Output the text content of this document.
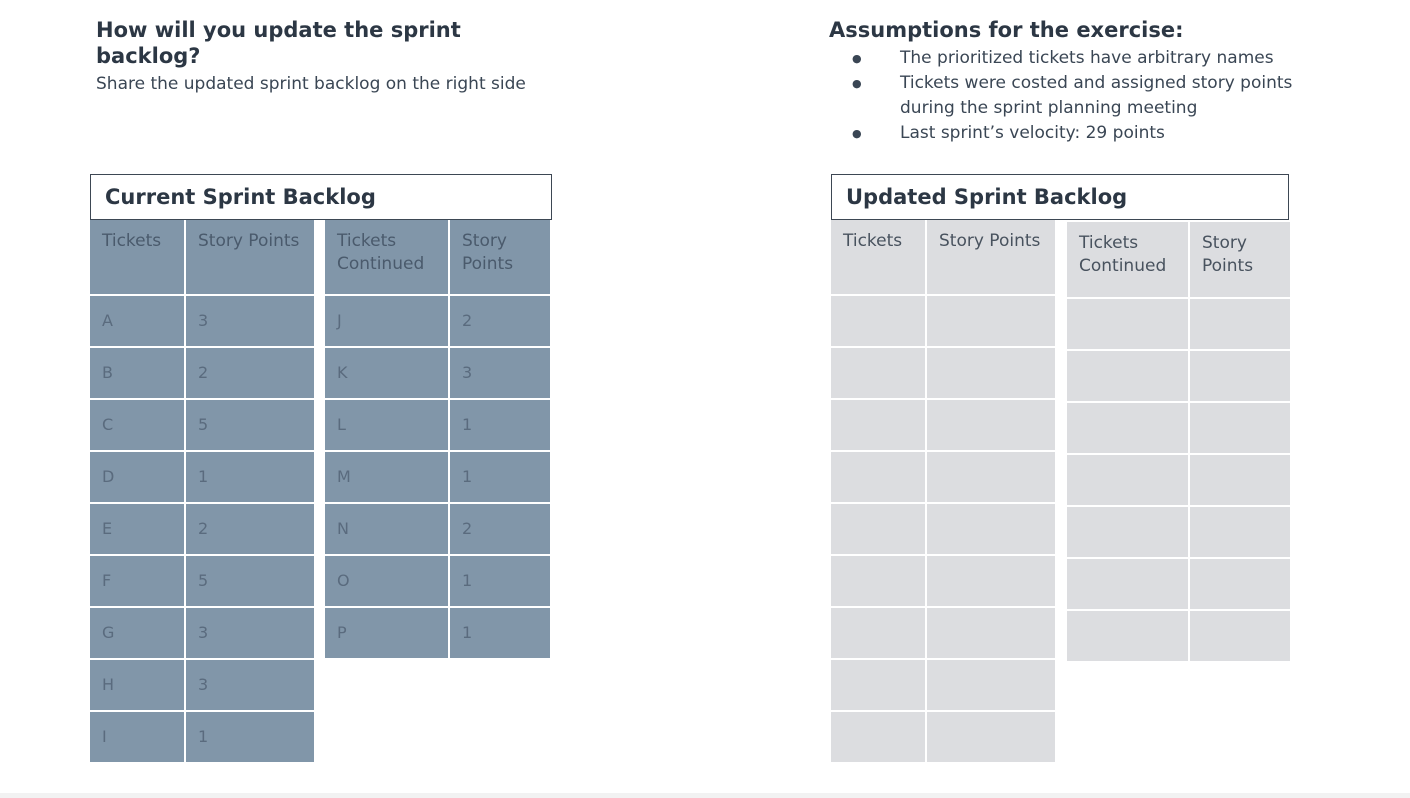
How will you update the sprint backlog?
Share the updated sprint backlog on the right side
Assumptions for the exercise:
● The prioritized tickets have arbitrary names
● Tickets were costed and assigned story points during the sprint planning meeting
● Last sprint’s velocity: 29 points
Current Sprint Backlog
Tickets	Story Points
A	3
B	2
C	5
D	1
E	2
F	5
G	3
H	3
I	1
Tickets Continued	Story Points
J	2
K	3
L	1
M	1
N	2
O	1
P	1
Updated Sprint Backlog
Tickets	Story Points

	Tickets Continued	Story Points
